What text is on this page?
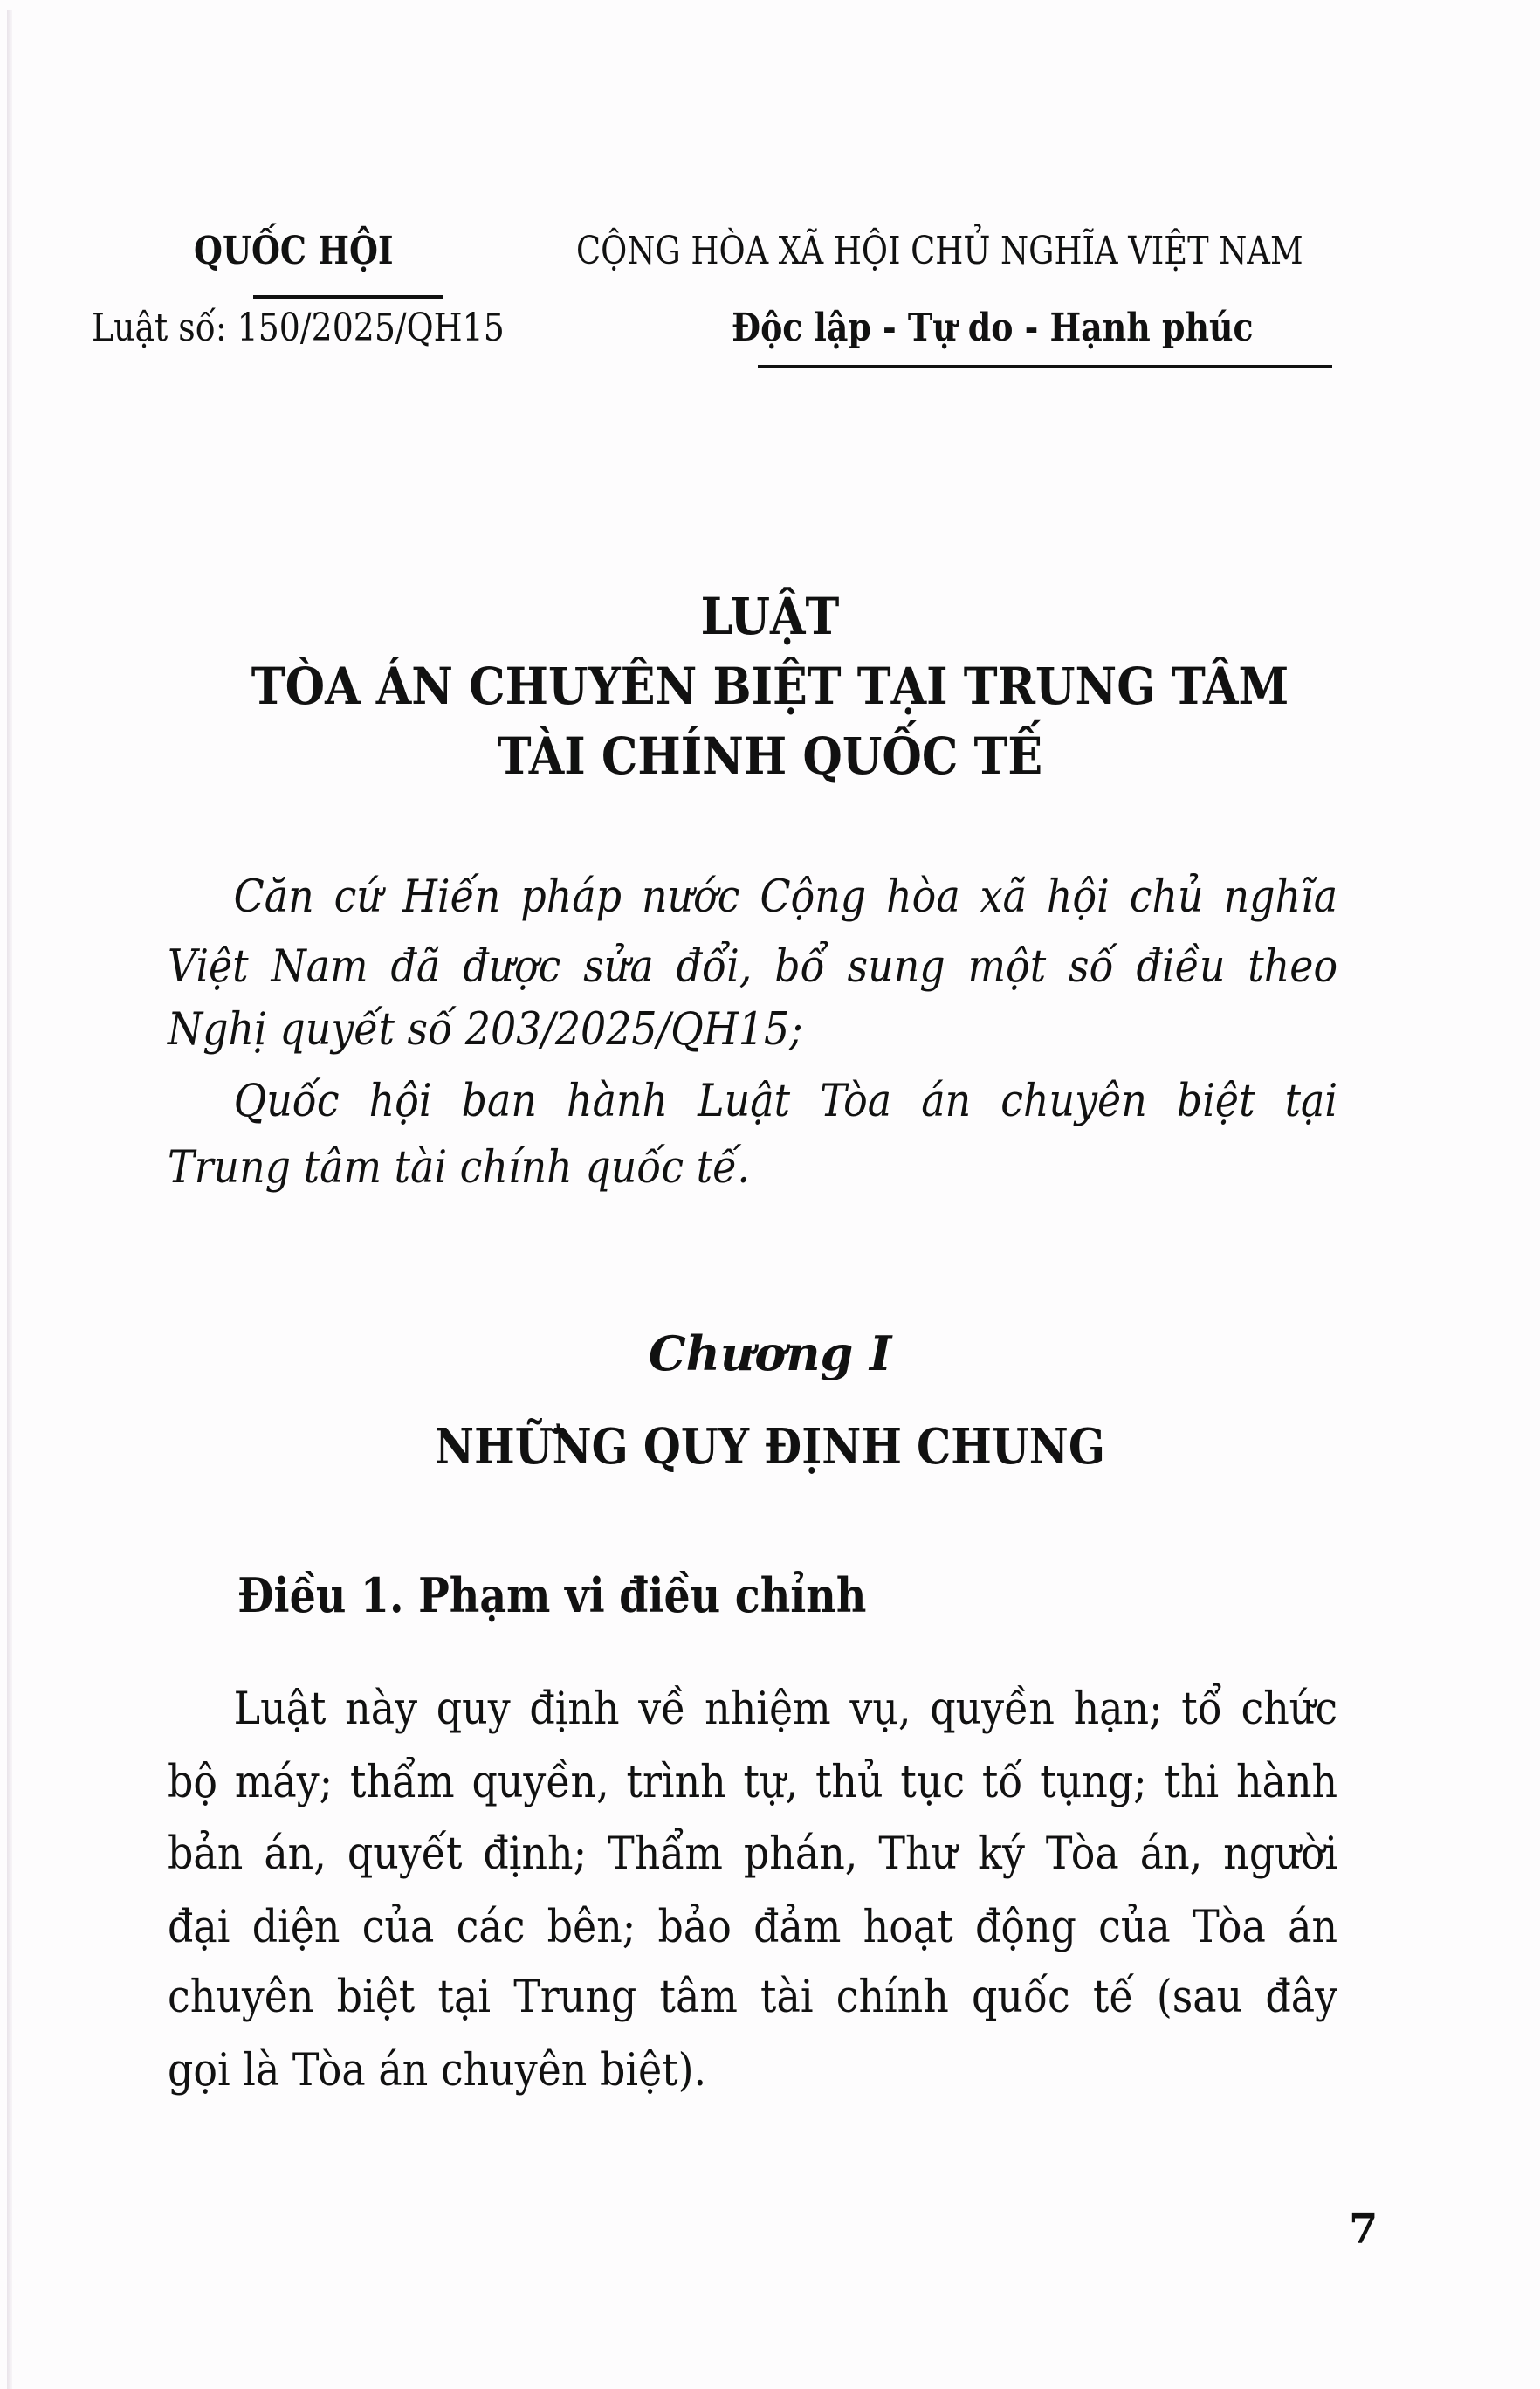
QUỐC HỘI
Luật số: 150/2025/QH15
CỘNG HÒA XÃ HỘI CHỦ NGHĨA VIỆT NAM
Độc lập - Tự do - Hạnh phúc
LUẬT
TÒA ÁN CHUYÊN BIỆT TẠI TRUNG TÂM
TÀI CHÍNH QUỐC TẾ
Căn cứ Hiến pháp nước Cộng hòa xã hội chủ nghĩa
Việt Nam đã được sửa đổi, bổ sung một số điều theo
Nghị quyết số 203/2025/QH15;
Quốc hội ban hành Luật Tòa án chuyên biệt tại
Trung tâm tài chính quốc tế.
Chương I
NHỮNG QUY ĐỊNH CHUNG
Điều 1. Phạm vi điều chỉnh
Luật này quy định về nhiệm vụ, quyền hạn; tổ chức
bộ máy; thẩm quyền, trình tự, thủ tục tố tụng; thi hành
bản án, quyết định; Thẩm phán, Thư ký Tòa án, người
đại diện của các bên; bảo đảm hoạt động của Tòa án
chuyên biệt tại Trung tâm tài chính quốc tế (sau đây
gọi là Tòa án chuyên biệt).
7
